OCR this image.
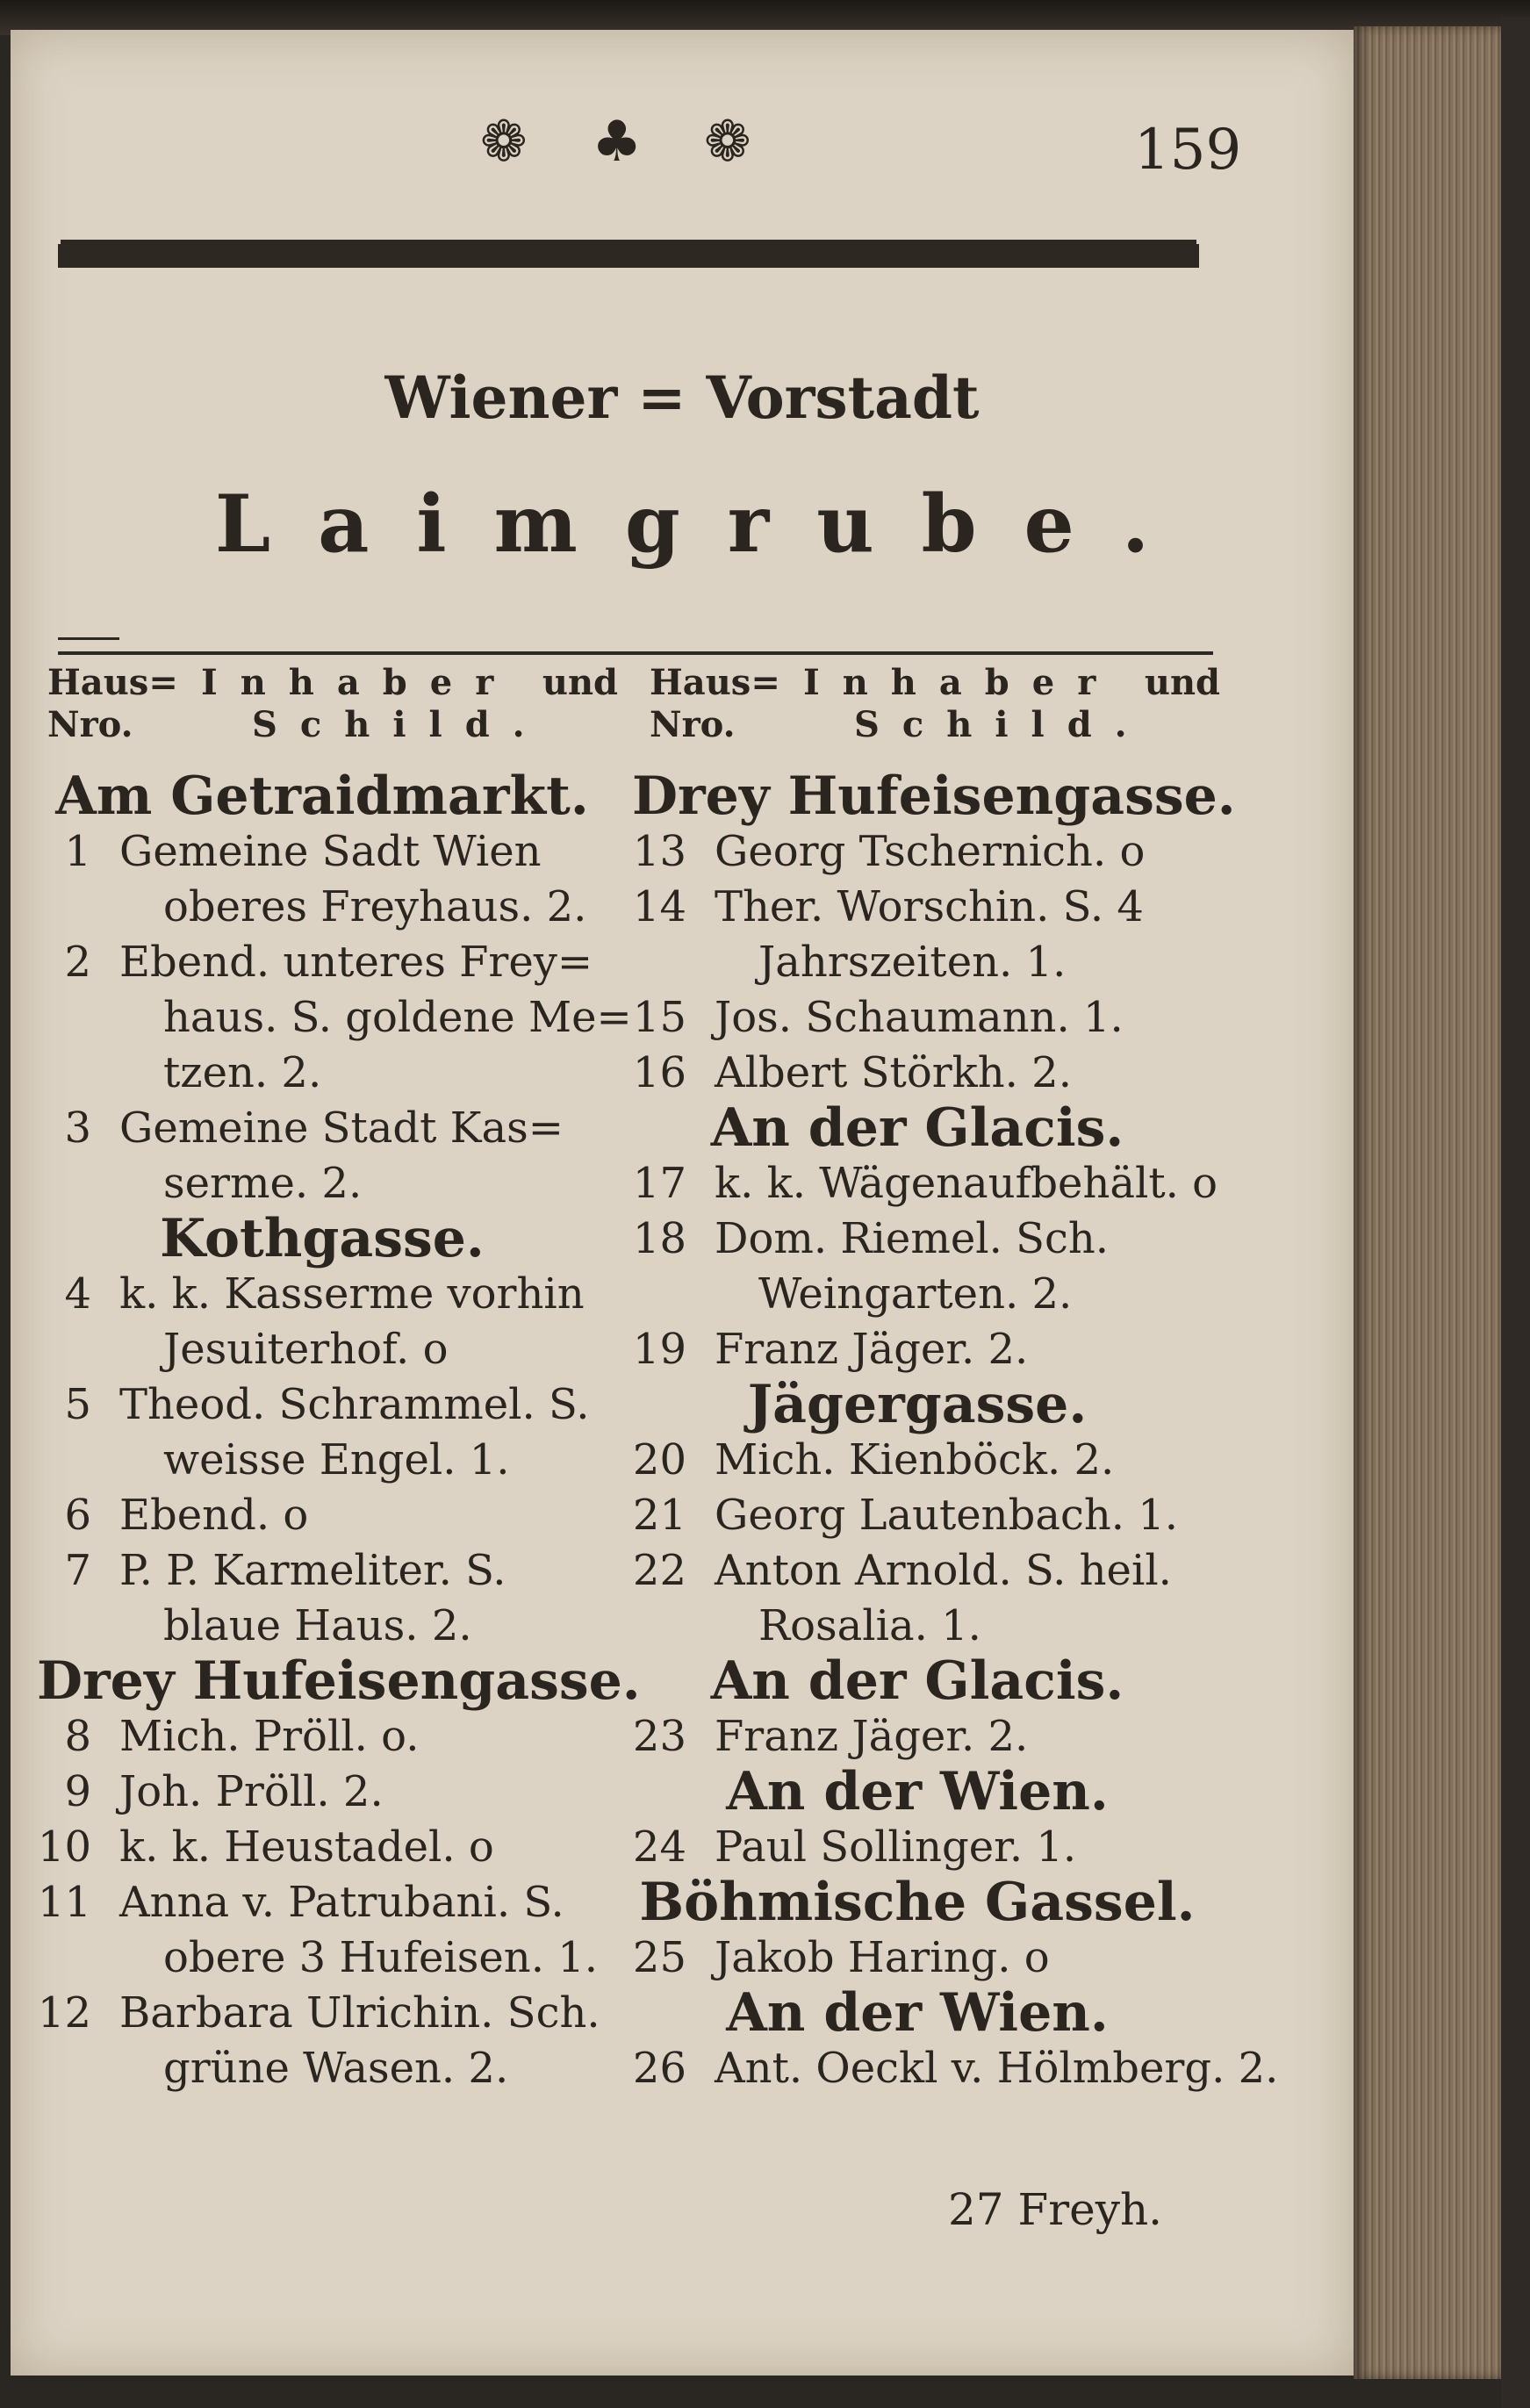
❁ ♣ ❁	159
Wiener = Vorstadt
Laimgrube.
Haus=
Nro.
Inhaber
Schild.
und Haus=
Nro.
Inhaber
Schild.
und
Am Getraidmarkt.
1 Gemeine Sadt Wien
oberes Freyhaus. 2.
2 Ebend. unteres Frey=
haus. S. goldene Me=
tzen. 2.
3 Gemeine Stadt Kas=
serme. 2.
Kothgasse.
4 k. k. Kasserme vorhin
Jesuiterhof. o
5 Theod. Schrammel. S.
weisse Engel. 1.
6 Ebend. o
7 P. P. Karmeliter. S.
blaue Haus. 2.
Drey Hufeisengasse.
8 Mich. Pröll. o.
9 Joh. Pröll. 2.
10 k. k. Heustadel. o
11 Anna v. Patrubani. S.
obere 3 Hufeisen. 1.
12 Barbara Ulrichin. Sch.
grüne Wasen. 2.
Drey Hufeisengasse.
13 Georg Tschernich. o
14 Ther. Worschin. S. 4
Jahrszeiten. 1.
15 Jos. Schaumann. 1.
16 Albert Störkh. 2.
An der Glacis.
17 k. k. Wägenaufbehält. o
18 Dom. Riemel. Sch.
Weingarten. 2.
19 Franz Jäger. 2.
Jägergasse.
20 Mich. Kienböck. 2.
21 Georg Lautenbach. 1.
22 Anton Arnold. S. heil.
Rosalia. 1.
An der Glacis.
23 Franz Jäger. 2.
An der Wien.
24 Paul Sollinger. 1.
Böhmische Gassel.
25 Jakob Haring. o
An der Wien.
26 Ant. Oeckl v. Hölmberg. 2.
27 Freyh.
